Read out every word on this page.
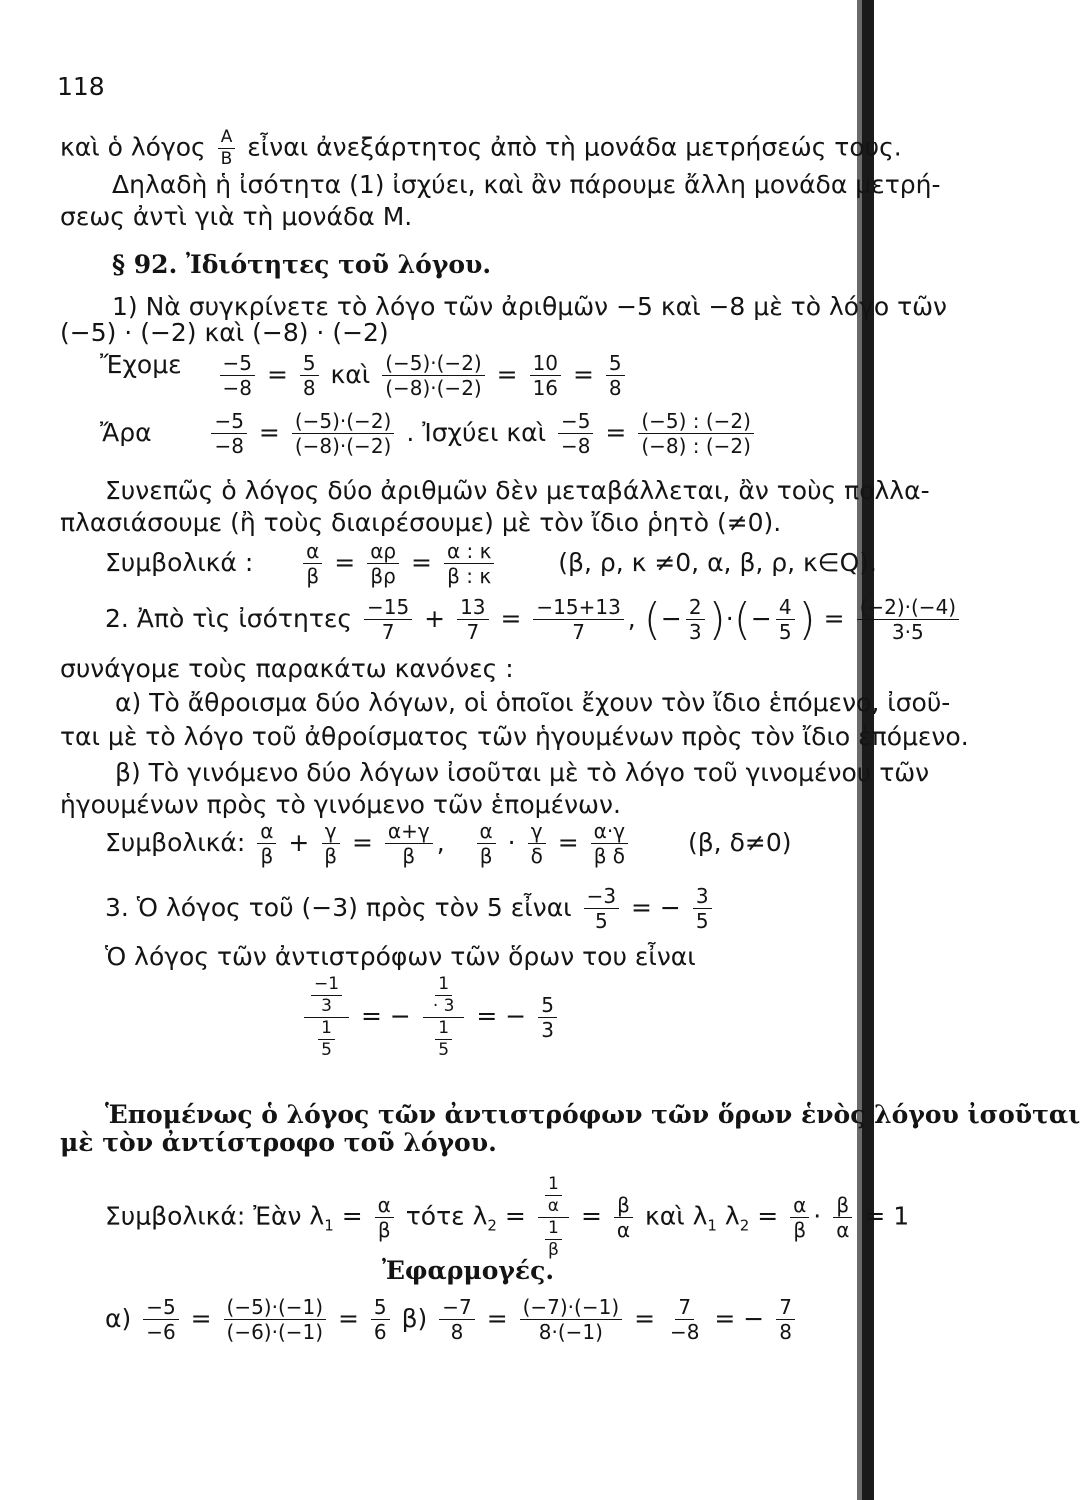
118
καὶ ὁ λόγος $\frac{A}{B}$ εἶναι ἀνεξάρτητος ἀπὸ τὴ μονάδα μετρήσεώς τους.
Δηλαδὴ ἡ ἰσότητα (1) ἰσχύει, καὶ ἂν πάρουμε ἄλλη μονάδα μετρή-
σεως ἀντὶ γιὰ τὴ μονάδα M.
§ 92. Ἰδιότητες τοῦ λόγου.
1) Νὰ συγκρίνετε τὸ λόγο τῶν ἀριθμῶν −5 καὶ −8 μὲ τὸ λόγο τῶν
(−5) · (−2) καὶ (−8) · (−2)
Ἔχομε $\frac{-5}{-8} = \frac{5}{8}$ καὶ $\frac{(-5)\cdot(-2)}{(-8)\cdot(-2)} = \frac{10}{16} = \frac{5}{8}$
Ἄρα	$\frac{-5}{-8} = \frac{(-5)\cdot(-2)}{(-8)\cdot(-2)}$ . Ἰσχύει καὶ $\frac{-5}{-8} = \frac{(-5) : (-2)}{(-8) : (-2)}$
Συνεπῶς ὁ λόγος δύο ἀριθμῶν δὲν μεταβάλλεται, ἂν τοὺς πολλα-
πλασιάσουμε (ἢ τοὺς διαιρέσουμε) μὲ τὸν ἴδιο ῥητὸ (≠0).
Συμβολικά : $\frac{\alpha}{\beta} = \frac{\alpha\rho}{\beta\rho} = \frac{\alpha : \kappa}{\beta : \kappa}$	(β, ρ, κ ≠0, α, β, ρ, κ∈Q).
2. Ἀπὸ τὶς ἰσότητες $\frac{-15}{7} + \frac{13}{7} = \frac{-15+13}{7}$ , (− $\frac{2}{3}$ )·(− $\frac{4}{5}$ ) = $\frac{(-2)\cdot(-4)}{3\cdot 5}$
συνάγομε τοὺς παρακάτω κανόνες :
α) Τὸ ἄθροισμα δύο λόγων, οἱ ὁποῖοι ἔχουν τὸν ἴδιο ἑπόμενο, ἰσοῦ-
ται μὲ τὸ λόγο τοῦ ἀθροίσματος τῶν ἡγουμένων πρὸς τὸν ἴδιο ἑπόμενο.
β) Τὸ γινόμενο δύο λόγων ἰσοῦται μὲ τὸ λόγο τοῦ γινομένου τῶν
ἡγουμένων πρὸς τὸ γινόμενο τῶν ἑπομένων.
Συμβολικά: $\frac{\alpha}{\beta} + \frac{\gamma}{\beta} = \frac{\alpha+\gamma}{\beta}$ , $\frac{\alpha}{\beta} \cdot \frac{\gamma}{\delta} = \frac{\alpha\cdot\gamma}{\text{β δ}} (\beta$, δ≠0)
3. Ὁ λόγος τοῦ (−3) πρὸς τὸν 5 εἶναι $\frac{-3}{5}$ = − $\frac{3}{5}$
Ὁ λόγος τῶν ἀντιστρόφων τῶν ὅρων του εἶναι
$\frac{\frac{-1}{3}}{\frac{1}{5}}$ = − $\frac{\frac{1}{\cdot 3}}{\frac{1}{5}}$ = − $\frac{5}{3}$
Ἑπομένως ὁ λόγος τῶν ἀντιστρόφων τῶν ὅρων ἑνὸς λόγου ἰσοῦται
μὲ τὸν ἀντίστροφο τοῦ λόγου.
Συμβολικά: Ἐὰν $\lambda_1 = \frac{\alpha}{\beta}$ τότε $\lambda_2 = \frac{\frac{1}{\alpha}}{\frac{1}{\beta}} = \frac{\beta}{\alpha}$ καὶ $\lambda_1$ $\lambda_2 = \frac{\alpha}{\beta} \cdot \frac{\beta}{\alpha} = 1$
Ἐφαρμογές.
$\alpha) \frac{-5}{-6} = \frac{(-5)\cdot(-1)}{(-6)\cdot(-1)} = \frac{5}{6} \beta) \frac{-7}{8} = \frac{(-7)\cdot(-1)}{8\cdot(-1)} = \frac{7}{-8}$ = − $\frac{7}{8}$
